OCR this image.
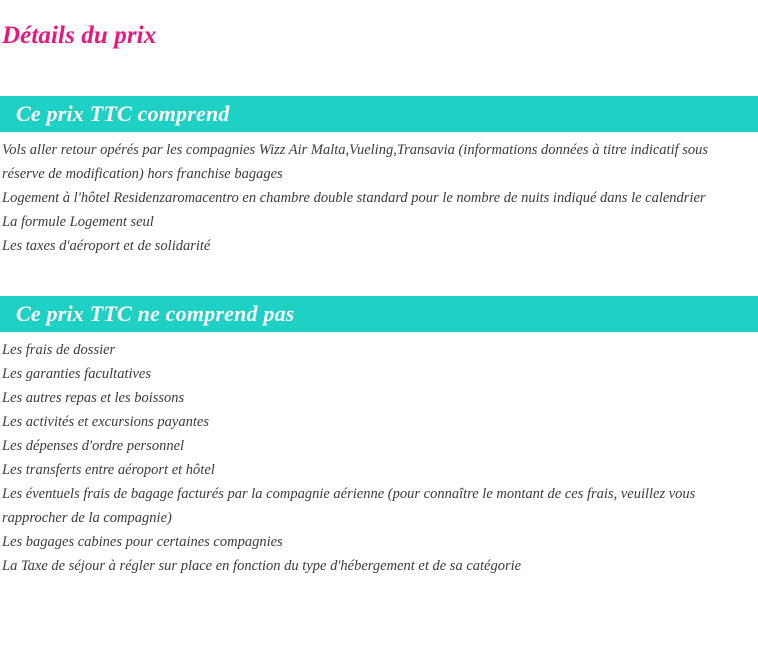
Détails du prix
Ce prix TTC comprend
Vols aller retour opérés par les compagnies Wizz Air Malta,Vueling,Transavia (informations données à titre indicatif sous réserve de modification) hors franchise bagages
Logement à l'hôtel Residenzaromacentro en chambre double standard pour le nombre de nuits indiqué dans le calendrier
La formule Logement seul
Les taxes d'aéroport et de solidarité
Ce prix TTC ne comprend pas
Les frais de dossier
Les garanties facultatives
Les autres repas et les boissons
Les activités et excursions payantes
Les dépenses d'ordre personnel
Les transferts entre aéroport et hôtel
Les éventuels frais de bagage facturés par la compagnie aérienne (pour connaître le montant de ces frais, veuillez vous rapprocher de la compagnie)
Les bagages cabines pour certaines compagnies
La Taxe de séjour à régler sur place en fonction du type d'hébergement et de sa catégorie
